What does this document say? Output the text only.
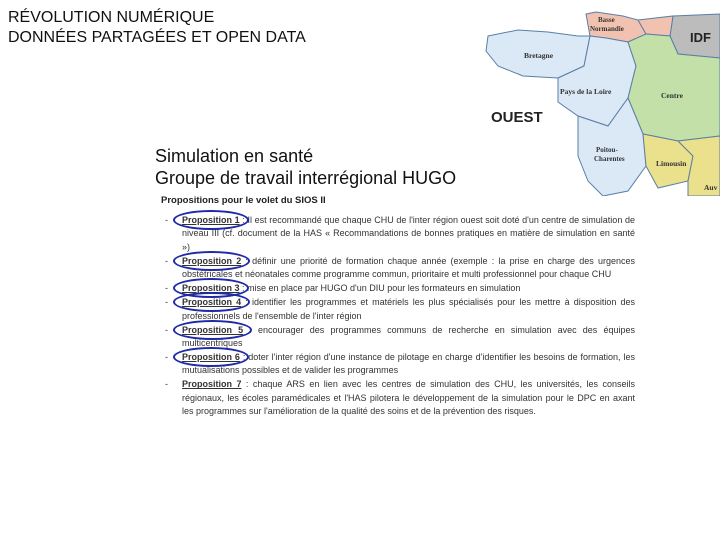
RÉVOLUTION NUMÉRIQUE
DONNÉES PARTAGÉES ET OPEN DATA
Basse
Normandie
IDF
Bretagne
Pays de la Loire	Centre
Poitou-
Charentes	Limousin
Auv
OUEST
Simulation en santé
Groupe de travail interrégional HUGO
Propositions pour le volet du SIOS II
- Proposition 1 : Il est recommandé que chaque CHU de l'inter région ouest soit doté d'un centre de simulation de niveau III (cf. document de la HAS « Recommandations de bonnes pratiques en matière de simulation en santé »)
- Proposition 2 : définir une priorité de formation chaque année (exemple : la prise en charge des urgences obstétricales et néonatales comme programme commun, prioritaire et multi professionnel pour chaque CHU
- Proposition 3 : mise en place par HUGO d'un DIU pour les formateurs en simulation
- Proposition 4 : identifier les programmes et matériels les plus spécialisés pour les mettre à disposition des professionnels de l'ensemble de l'inter région
- Proposition 5 : encourager des programmes communs de recherche en simulation avec des équipes multicentriques
- Proposition 6 : doter l'inter région d'une instance de pilotage en charge d'identifier les besoins de formation, les mutualisations possibles et de valider les programmes
- Proposition 7 : chaque ARS en lien avec les centres de simulation des CHU, les universités, les conseils régionaux, les écoles paramédicales et l'HAS pilotera le développement de la simulation pour le DPC en axant les programmes sur l'amélioration de la qualité des soins et de la prévention des risques.
